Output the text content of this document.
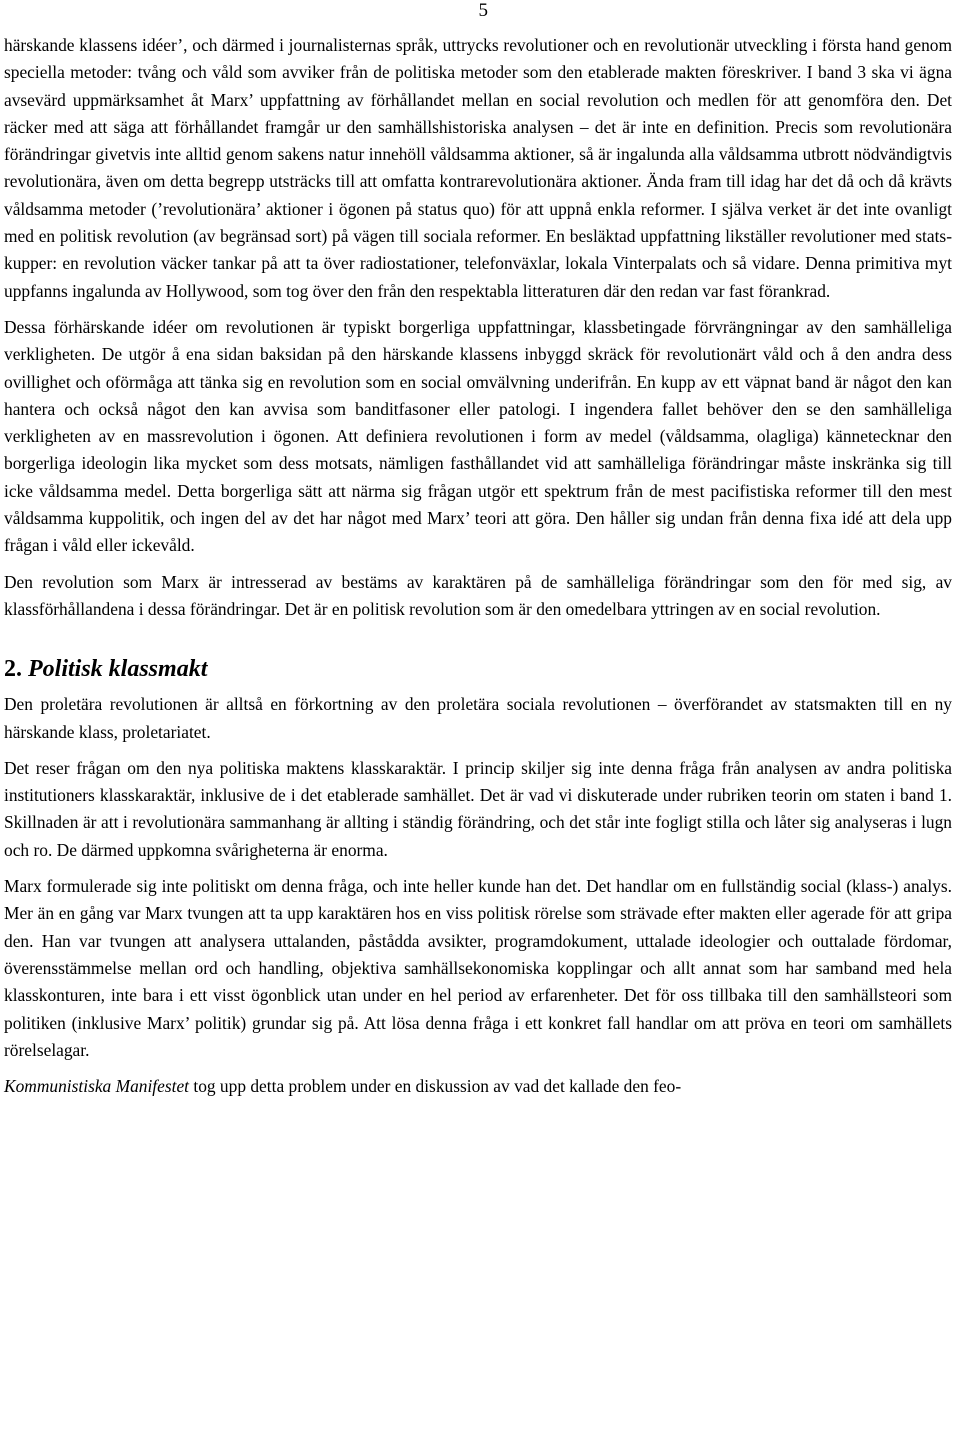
5

härskande klassens idéer’, och därmed i journalisternas språk, uttrycks revolutioner och en revolutionär utveckling i första hand genom speciella metoder: tvång och våld som avviker från de politiska metoder som den etablerade makten föreskriver. I band 3 ska vi ägna avsevärd uppmärksamhet åt Marx’ uppfattning av förhållandet mellan en social revolution och medlen för att genomföra den. Det räcker med att säga att förhållandet framgår ur den samhällshistoriska analysen – det är inte en definition. Precis som revolutionära förändringar givetvis inte alltid genom sakens natur innehöll våldsamma aktioner, så är ingalunda alla våldsamma utbrott nödvändigtvis revolutionära, även om detta begrepp utsträcks till att omfatta kontrarevolutionära aktioner. Ända fram till idag har det då och då krävts våldsamma metoder (’revolutionära’ aktioner i ögonen på status quo) för att uppnå enkla reformer. I själva verket är det inte ovanligt med en politisk revolution (av begränsad sort) på vägen till sociala reformer. En besläktad uppfattning likställer revolutioner med statskupper: en revolution väcker tankar på att ta över radiostationer, telefonväxlar, lokala Vinterpalats och så vidare. Denna primitiva myt uppfanns ingalunda av Hollywood, som tog över den från den respektabla litteraturen där den redan var fast förankrad.

Dessa förhärskande idéer om revolutionen är typiskt borgerliga uppfattningar, klassbetingade förvrängningar av den samhälleliga verkligheten. De utgör å ena sidan baksidan på den härskande klassens inbyggd skräck för revolutionärt våld och å den andra dess ovillighet och oförmåga att tänka sig en revolution som en social omvälvning underifrån. En kupp av ett väpnat band är något den kan hantera och också något den kan avvisa som banditfasoner eller patologi. I ingendera fallet behöver den se den samhälleliga verkligheten av en massrevolution i ögonen. Att definiera revolutionen i form av medel (våldsamma, olagliga) kännetecknar den borgerliga ideologin lika mycket som dess motsats, nämligen fasthållandet vid att samhälleliga förändringar måste inskränka sig till icke våldsamma medel. Detta borgerliga sätt att närma sig frågan utgör ett spektrum från de mest pacifistiska reformer till den mest våldsamma kuppolitik, och ingen del av det har något med Marx’ teori att göra. Den håller sig undan från denna fixa idé att dela upp frågan i våld eller ickevåld.

Den revolution som Marx är intresserad av bestäms av karaktären på de samhälleliga förändringar som den för med sig, av klassförhållandena i dessa förändringar. Det är en politisk revolution som är den omedelbara yttringen av en social revolution.

2. Politisk klassmakt

Den proletära revolutionen är alltså en förkortning av den proletära sociala revolutionen – överförandet av statsmakten till en ny härskande klass, proletariatet.

Det reser frågan om den nya politiska maktens klasskaraktär. I princip skiljer sig inte denna fråga från analysen av andra politiska institutioners klasskaraktär, inklusive de i det etablerade samhället. Det är vad vi diskuterade under rubriken teorin om staten i band 1. Skillnaden är att i revolutionära sammanhang är allting i ständig förändring, och det står inte fogligt stilla och låter sig analyseras i lugn och ro. De därmed uppkomna svårigheterna är enorma.

Marx formulerade sig inte politiskt om denna fråga, och inte heller kunde han det. Det handlar om en fullständig social (klass-) analys. Mer än en gång var Marx tvungen att ta upp karaktären hos en viss politisk rörelse som strävade efter makten eller agerade för att gripa den. Han var tvungen att analysera uttalanden, påstådda avsikter, programdokument, uttalade ideologier och outtalade fördomar, överensstämmelse mellan ord och handling, objektiva samhällsekonomiska kopplingar och allt annat som har samband med hela klasskonturen, inte bara i ett visst ögonblick utan under en hel period av erfarenheter. Det för oss tillbaka till den samhällsteori som politiken (inklusive Marx’ politik) grundar sig på. Att lösa denna fråga i ett konkret fall handlar om att pröva en teori om samhällets rörelselagar.

Kommunistiska Manifestet tog upp detta problem under en diskussion av vad det kallade den feo-
